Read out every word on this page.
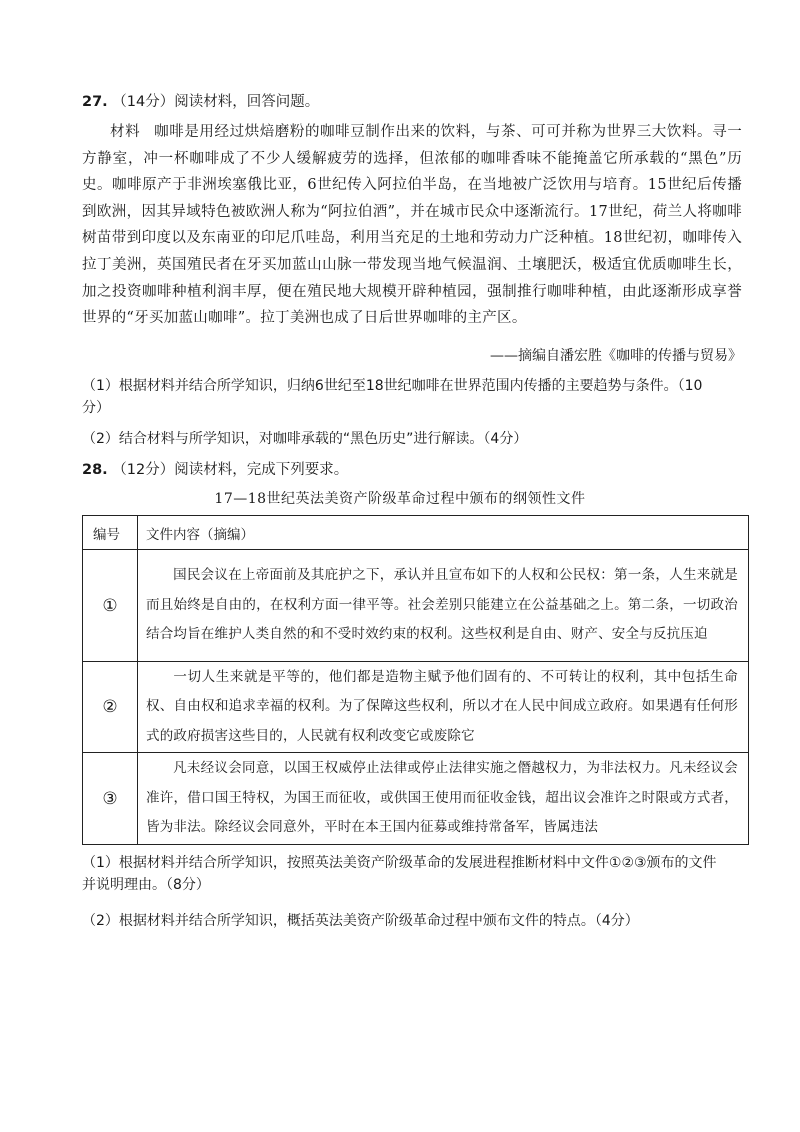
27. （14分）阅读材料，回答问题。
材料 咖啡是用经过烘焙磨粉的咖啡豆制作出来的饮料，与茶、可可并称为世界三大饮料。寻一方静室，冲一杯咖啡成了不少人缓解疲劳的选择，但浓郁的咖啡香味不能掩盖它所承载的“黑色”历史。咖啡原产于非洲埃塞俄比亚，6世纪传入阿拉伯半岛，在当地被广泛饮用与培育。15世纪后传播到欧洲，因其异域特色被欧洲人称为“阿拉伯酒”，并在城市民众中逐渐流行。17世纪，荷兰人将咖啡树苗带到印度以及东南亚的印尼爪哇岛，利用当充足的土地和劳动力广泛种植。18世纪初，咖啡传入拉丁美洲，英国殖民者在牙买加蓝山山脉一带发现当地气候温润、土壤肥沃，极适宜优质咖啡生长，加之投资咖啡种植利润丰厚，便在殖民地大规模开辟种植园，强制推行咖啡种植，由此逐渐形成享誉世界的“牙买加蓝山咖啡”。拉丁美洲也成了日后世界咖啡的主产区。
——摘编自潘宏胜《咖啡的传播与贸易》
（1）根据材料并结合所学知识，归纳6世纪至18世纪咖啡在世界范围内传播的主要趋势与条件。（10
分）
（2）结合材料与所学知识，对咖啡承载的“黑色历史”进行解读。（4分）
28. （12分）阅读材料，完成下列要求。
17—18世纪英法美资产阶级革命过程中颁布的纲领性文件
编号	文件内容（摘编）
①	国民会议在上帝面前及其庇护之下，承认并且宣布如下的人权和公民权：第一条，人生来就是而且始终是自由的，在权利方面一律平等。社会差别只能建立在公益基础之上。第二条，一切政治结合均旨在维护人类自然的和不受时效约束的权利。这些权利是自由、财产、安全与反抗压迫

②	一切人生来就是平等的，他们都是造物主赋予他们固有的、不可转让的权利，其中包括生命权、自由权和追求幸福的权利。为了保障这些权利，所以才在人民中间成立政府。如果遇有任何形式的政府损害这些目的，人民就有权利改变它或废除它

③	凡未经议会同意，以国王权威停止法律或停止法律实施之僭越权力，为非法权力。凡未经议会准许，借口国王特权，为国王而征收，或供国王使用而征收金钱，超出议会准许之时限或方式者，皆为非法。除经议会同意外，平时在本王国内征募或维持常备军，皆属违法
（1）根据材料并结合所学知识，按照英法美资产阶级革命的发展进程推断材料中文件①②③颁布的文件
并说明理由。（8分）
（2）根据材料并结合所学知识，概括英法美资产阶级革命过程中颁布文件的特点。（4分）
